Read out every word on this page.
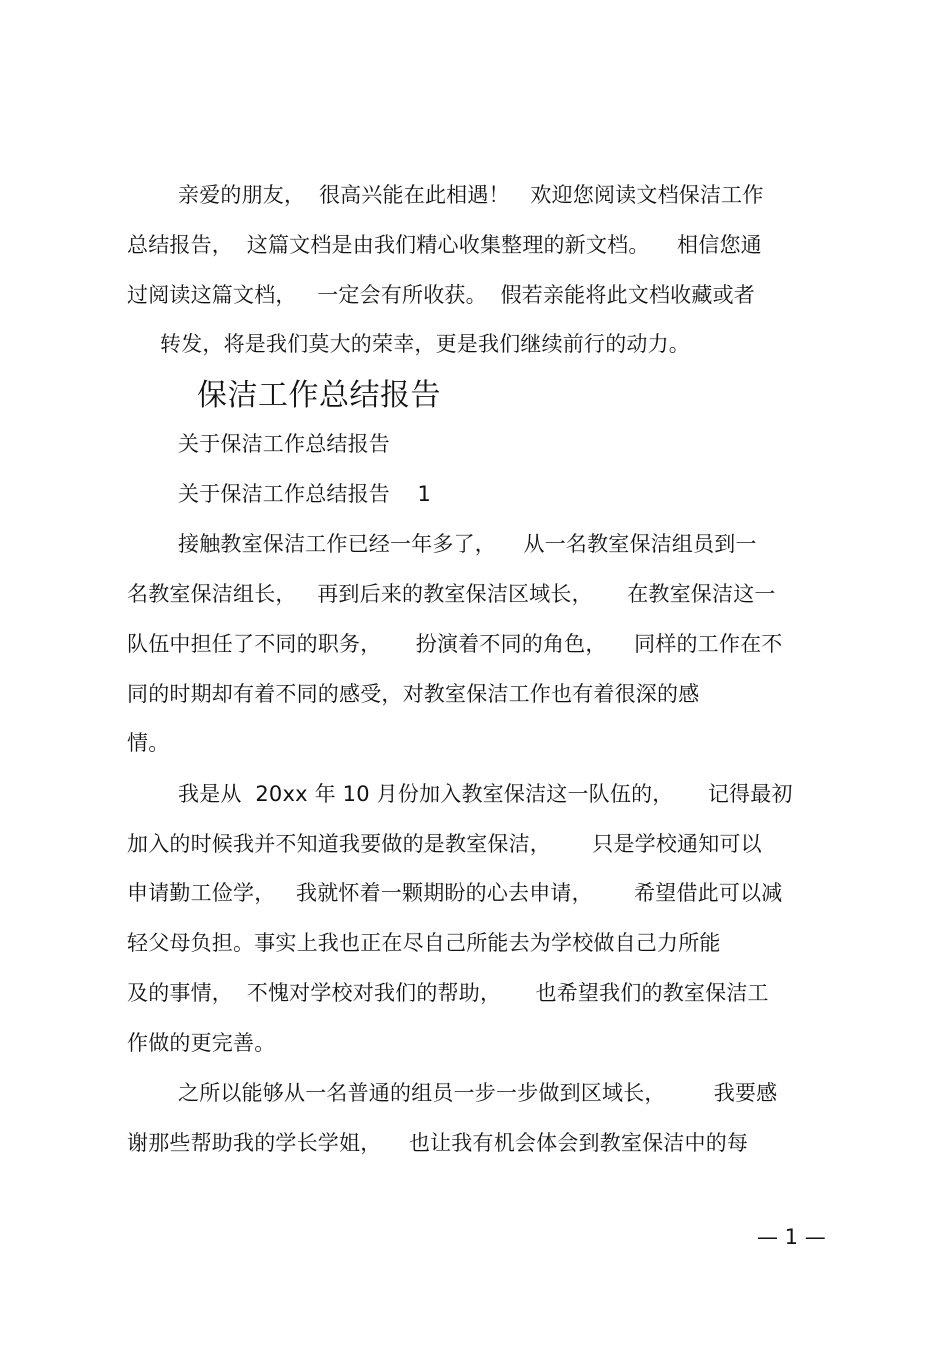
亲爱的朋友，  很高兴能在此相遇！   欢迎您阅读文档保洁工作
总结报告，  这篇文档是由我们精心收集整理的新文档。    相信您通
过阅读这篇文档，   一定会有所收获。  假若亲能将此文档收藏或者
转发，将是我们莫大的荣幸，更是我们继续前行的动力。
保洁工作总结报告
关于保洁工作总结报告
关于保洁工作总结报告    1
接触教室保洁工作已经一年多了，    从一名教室保洁组员到一
名教室保洁组长，   再到后来的教室保洁区域长，     在教室保洁这一
队伍中担任了不同的职务，     扮演着不同的角色，    同样的工作在不
同的时期却有着不同的感受，对教室保洁工作也有着很深的感
情。
我是从  20xx 年 10 月份加入教室保洁这一队伍的，     记得最初
加入的时候我并不知道我要做的是教室保洁，      只是学校通知可以
申请勤工俭学，   我就怀着一颗期盼的心去申请，      希望借此可以减
轻父母负担。事实上我也正在尽自己所能去为学校做自己力所能
及的事情，  不愧对学校对我们的帮助，     也希望我们的教室保洁工
作做的更完善。
之所以能够从一名普通的组员一步一步做到区域长，       我要感
谢那些帮助我的学长学姐，    也让我有机会体会到教室保洁中的每
— 1 —
